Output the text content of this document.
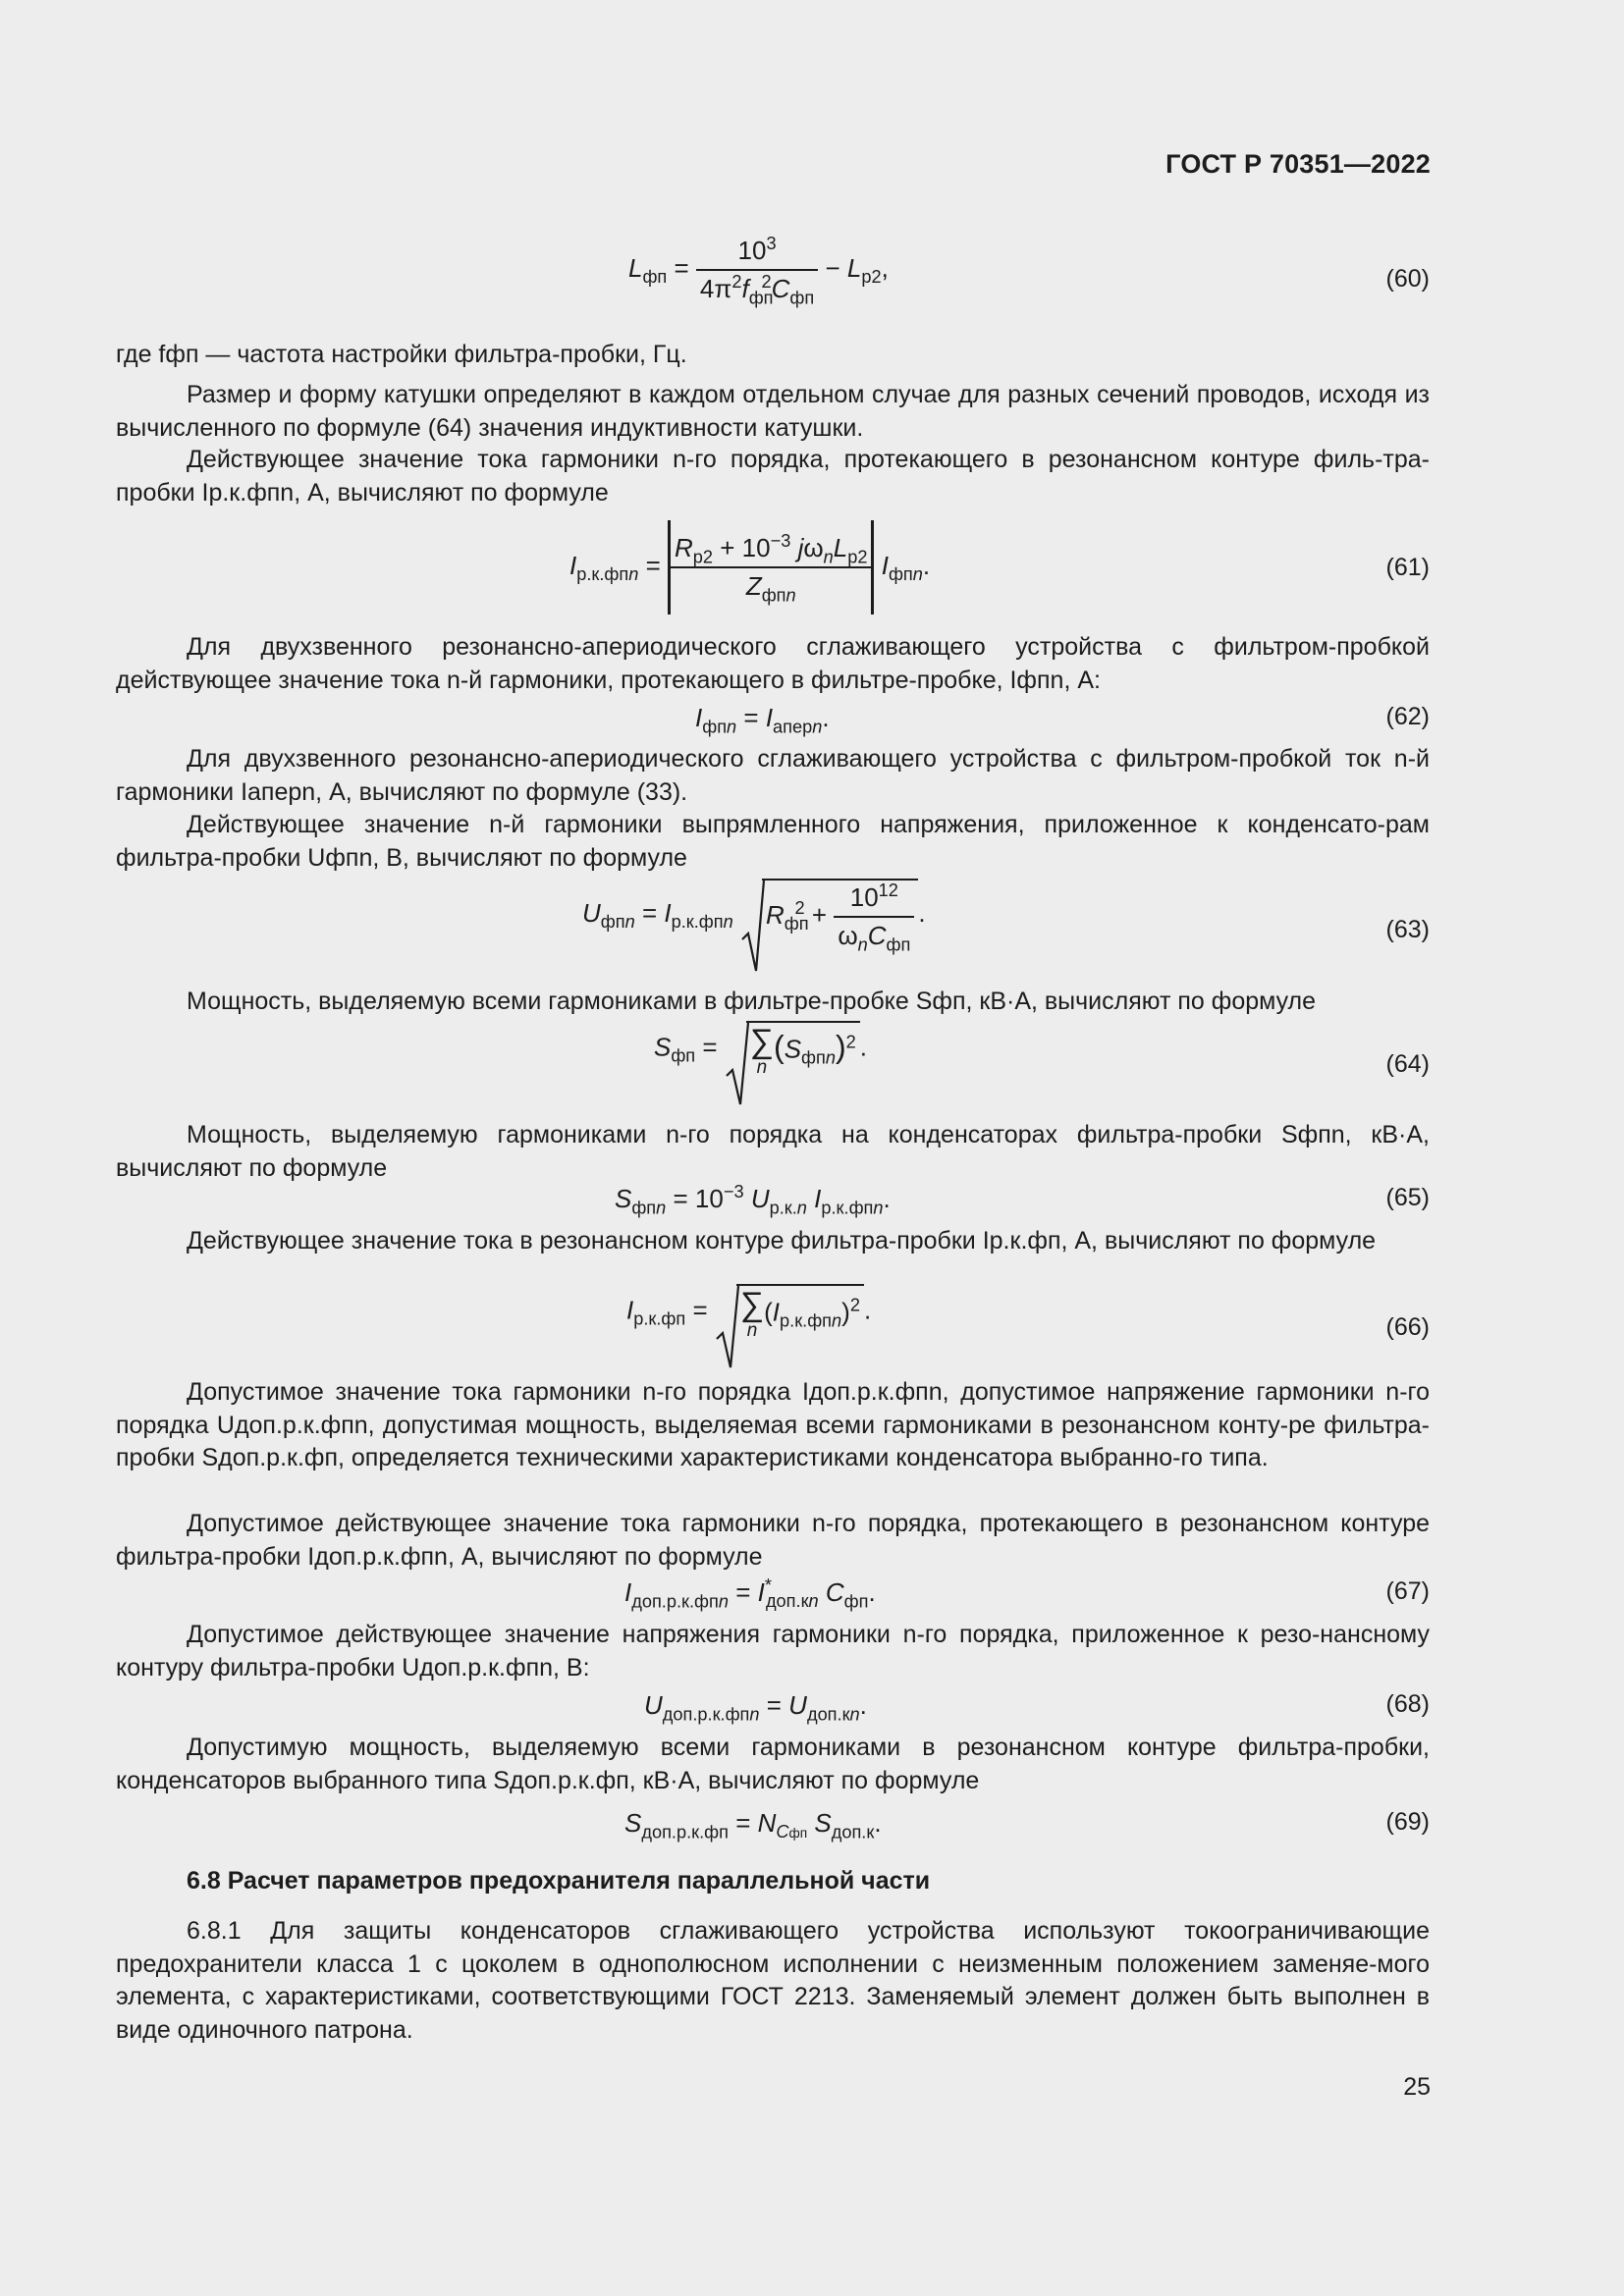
ГОСТ Р 70351—2022
$L_{фп} = \frac{10^3}{4\pi^2f_{фп}^2C_{фп}} - L_{р2}$,	(60)
где fфп — частота настройки фильтра-пробки, Гц.
Размер и форму катушки определяют в каждом отдельном случае для разных сечений проводов, исходя из вычисленного по формуле (64) значения индуктивности катушки.
Действующее значение тока гармоники n-го порядка, протекающего в резонансном контуре филь-тра-пробки Iр.к.фпn, А, вычисляют по формуле
$I_{р.к.фпn} = \frac{R_{р2} + 10^{-3} j\omega_nL_{р2}}{Z_{фпn}} I_{фпn}$.	(61)
Для двухзвенного резонансно-апериодического сглаживающего устройства с фильтром-пробкой действующее значение тока n-й гармоники, протекающего в фильтре-пробке, Iфпn, А:
$I_{фпn} = I_{аперn}$.	(62)
Для двухзвенного резонансно-апериодического сглаживающего устройства с фильтром-пробкой ток n-й гармоники Iаперn, А, вычисляют по формуле (33).
Действующее значение n-й гармоники выпрямленного напряжения, приложенное к конденсато-рам фильтра-пробки Uфпn, В, вычисляют по формуле
$U_{фпn} = I_{р.к.фпn}$ $R_{фп}^2 + \frac{10^{12}}{\omega_nC_{фп}}$ .
(63)
Мощность, выделяемую всеми гармониками в фильтре-пробке Sфп, кВ·А, вычисляют по формуле
$S_{фп}$ = ∑
n
$(S_{фпn})^2$ .
(64)
Мощность, выделяемую гармониками n-го порядка на конденсаторах фильтра-пробки Sфпn, кВ·А, вычисляют по формуле
$S_{фпn} = 10^{-3}$ $U_{р.к.n}$ $I_{р.к.фпn}$.	(65)
Действующее значение тока в резонансном контуре фильтра-пробки Iр.к.фп, А, вычисляют по формуле
$I_{р.к.фп}$ = ∑
n
$(I_{р.к.фпn})^2$ .
(66)
Допустимое значение тока гармоники n-го порядка Iдоп.р.к.фпn, допустимое напряжение гармоники n-го порядка Uдоп.р.к.фпn, допустимая мощность, выделяемая всеми гармониками в резонансном конту-ре фильтра-пробки Sдоп.р.к.фп, определяется техническими характеристиками конденсатора выбранно-го типа.
Допустимое действующее значение тока гармоники n-го порядка, протекающего в резонансном контуре фильтра-пробки Iдоп.р.к.фпn, А, вычисляют по формуле
$I_{доп.р.к.фпn} = I^*_{доп.кn}$ $C_{фп}$.	(67)
Допустимое действующее значение напряжения гармоники n-го порядка, приложенное к резо-нансному контуру фильтра-пробки Uдоп.р.к.фпn, В:
$U_{доп.р.к.фпn} = U_{доп.кn}$.	(68)
Допустимую мощность, выделяемую всеми гармониками в резонансном контуре фильтра-пробки, конденсаторов выбранного типа Sдоп.р.к.фп, кВ·А, вычисляют по формуле
$S_{доп.р.к.фп} = N_{Cфп}$ $S_{доп.к}$.	(69)
6.8 Расчет параметров предохранителя параллельной части
6.8.1 Для защиты конденсаторов сглаживающего устройства используют токоограничивающие предохранители класса 1 с цоколем в однополюсном исполнении с неизменным положением заменяе-мого элемента, с характеристиками, соответствующими ГОСТ 2213. Заменяемый элемент должен быть выполнен в виде одиночного патрона.
25
